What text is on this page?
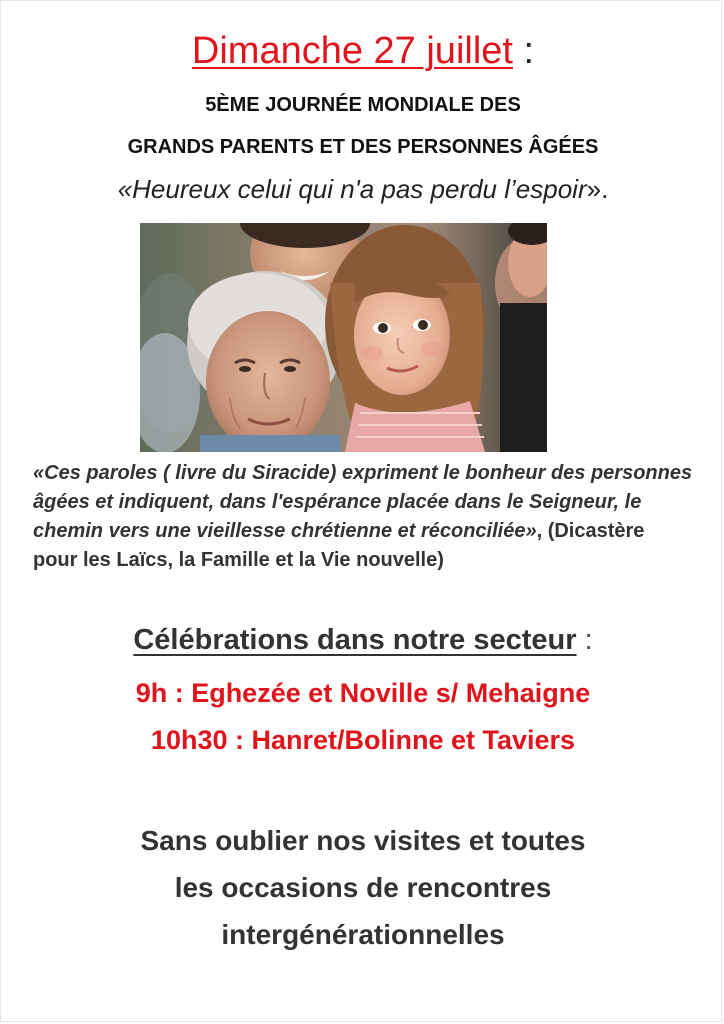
Dimanche 27 juillet :
5ÈME JOURNÉE MONDIALE DES
GRANDS PARENTS ET DES PERSONNES ÂGÉES
«Heureux celui qui n'a pas perdu l’espoir».
«Ces paroles ( livre du Siracide) expriment le bonheur des personnes âgées et indiquent, dans l'espérance placée dans le Seigneur, le chemin vers une vieillesse chrétienne et réconciliée», (Dicastère pour les Laïcs, la Famille et la Vie nouvelle)
Célébrations dans notre secteur :
9h : Eghezée et Noville s/ Mehaigne
10h30 : Hanret/Bolinne et Taviers
Sans oublier nos visites et toutes
les occasions de rencontres
intergénérationnelles
